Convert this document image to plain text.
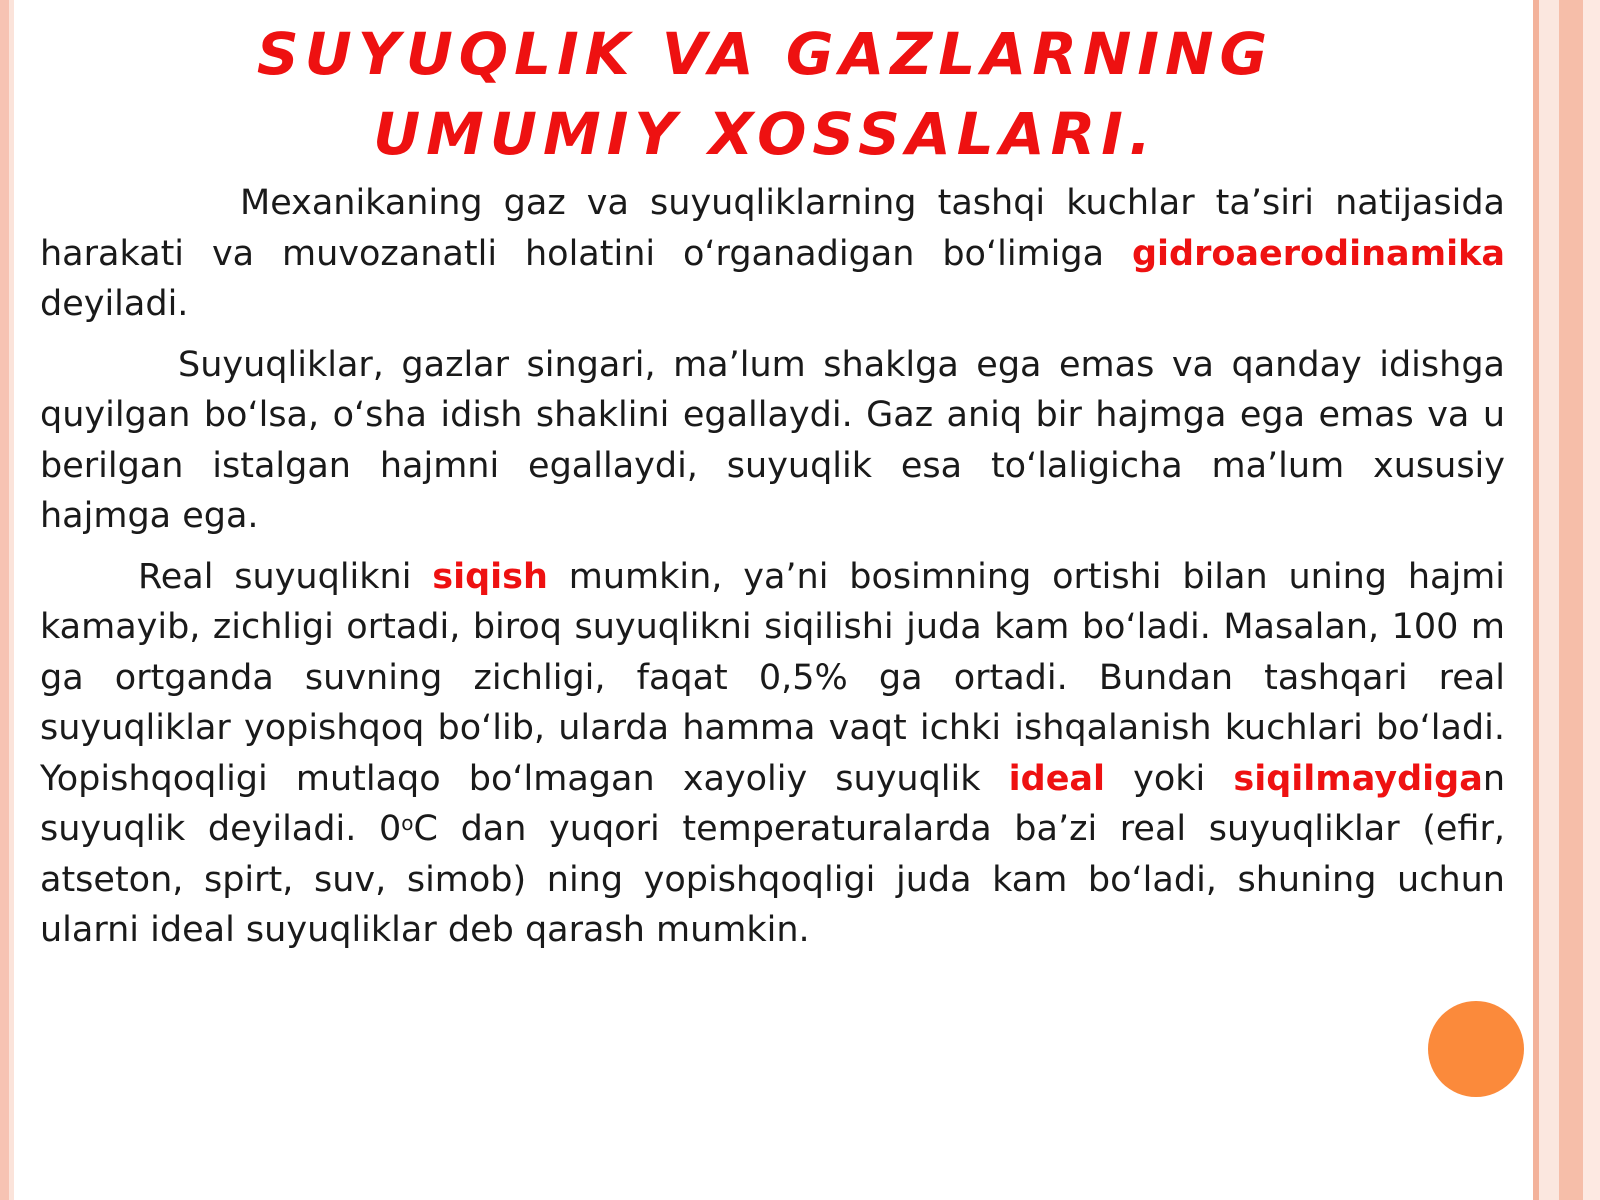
SUYUQLIK VA GAZLARNING
UMUMIY XOSSALARI.

Mexanikaning gaz va suyuqliklarning tashqi kuchlar ta’siri natijasida harakati va muvozanatli holatini o‘rganadigan bo‘limiga gidroaerodinamika deyiladi.

Suyuqliklar, gazlar singari, ma’lum shaklga ega emas va qanday idishga quyilgan bo‘lsa, o‘sha idish shaklini egallaydi. Gaz aniq bir hajmga ega emas va u berilgan istalgan hajmni egallaydi, suyuqlik esa to‘laligicha ma’lum xususiy hajmga ega.

Real suyuqlikni siqish mumkin, ya’ni bosimning ortishi bilan uning hajmi kamayib, zichligi ortadi, biroq suyuqlikni siqilishi juda kam bo‘ladi. Masalan, 100 m ga ortganda suvning zichligi, faqat 0,5% ga ortadi. Bundan tashqari real suyuqliklar yopishqoq bo‘lib, ularda hamma vaqt ichki ishqalanish kuchlari bo‘ladi. Yopishqoqligi mutlaqo bo‘lmagan xayoliy suyuqlik ideal yoki siqilmaydigan suyuqlik deyiladi. 0$^o$C dan yuqori temperaturalarda ba’zi real suyuqliklar (efir, atseton, spirt, suv, simob) ning yopishqoqligi juda kam bo‘ladi, shuning uchun ularni ideal suyuqliklar deb qarash mumkin.
